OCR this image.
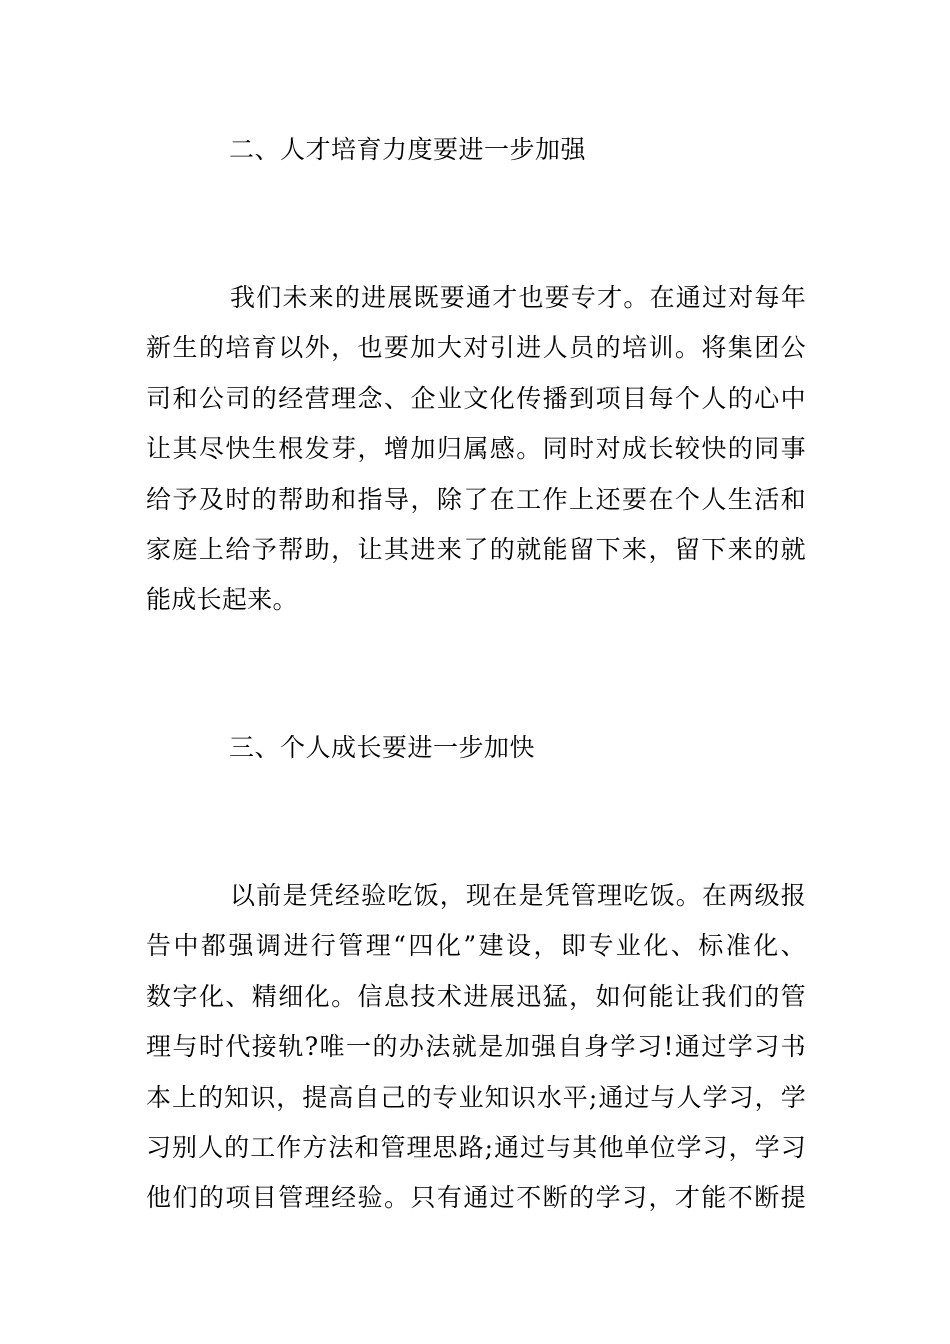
二、人才培育力度要进一步加强
我们未来的进展既要通才也要专才。在通过对每年
新生的培育以外，也要加大对引进人员的培训。将集团公
司和公司的经营理念、企业文化传播到项目每个人的心中
让其尽快生根发芽，增加归属感。同时对成长较快的同事
给予及时的帮助和指导，除了在工作上还要在个人生活和
家庭上给予帮助，让其进来了的就能留下来，留下来的就
能成长起来。
三、个人成长要进一步加快
以前是凭经验吃饭，现在是凭管理吃饭。在两级报
告中都强调进行管理“四化”建设，即专业化、标准化、
数字化、精细化。信息技术进展迅猛，如何能让我们的管
理与时代接轨?唯一的办法就是加强自身学习!通过学习书
本上的知识，提高自己的专业知识水平;通过与人学习，学
习别人的工作方法和管理思路;通过与其他单位学习，学习
他们的项目管理经验。只有通过不断的学习，才能不断提
